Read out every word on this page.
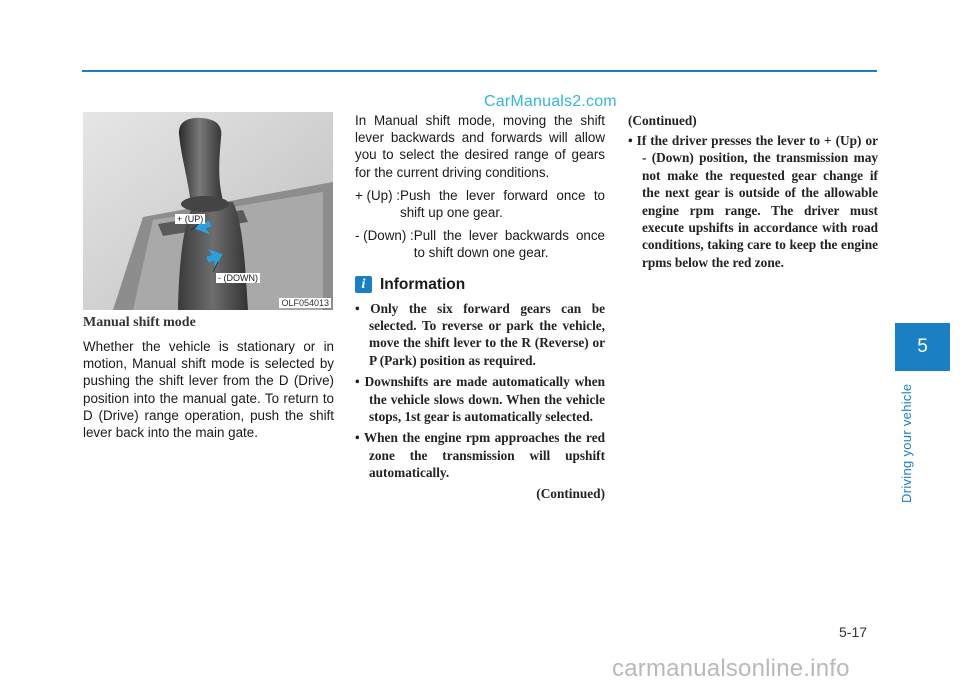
CarManuals2.com
+ (UP)
- (DOWN)
OLF054013
Manual shift mode

Whether the vehicle is stationary or in motion, Manual shift mode is selected by pushing the shift lever from the D (Drive) position into the manual gate. To return to D (Drive) range operation, push the shift lever back into the main gate.

In Manual shift mode, moving the shift lever backwards and forwards will allow you to select the desired range of gears for the current driving conditions.

+ (Up) : Push the lever forward once to shift up one gear.
- (Down) : Pull the lever backwards once to shift down one gear.
i Information
• Only the six forward gears can be selected. To reverse or park the vehicle, move the shift lever to the R (Reverse) or P (Park) position as required.
• Downshifts are made automatically when the vehicle slows down. When the vehicle stops, 1st gear is automatically selected.
• When the engine rpm approaches the red zone the transmission will upshift automatically.
(Continued)
(Continued)
• If the driver presses the lever to + (Up) or - (Down) position, the transmission may not make the requested gear change if the next gear is outside of the allowable engine rpm range. The driver must execute upshifts in accordance with road conditions, taking care to keep the engine rpms below the red zone.
5
Driving your vehicle
5-17
carmanualsonline.info
